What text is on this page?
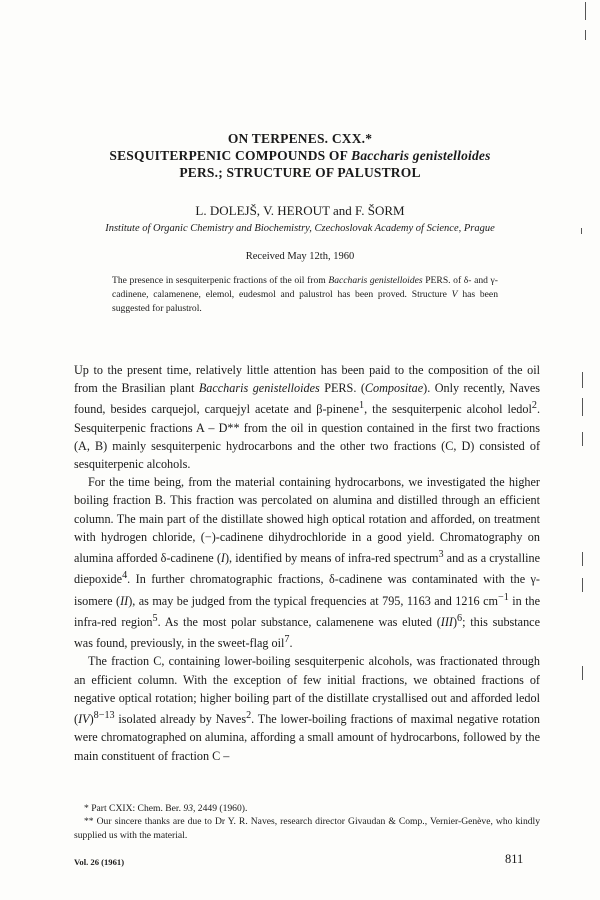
ON TERPENES. CXX.*

SESQUITERPENIC COMPOUNDS OF Baccharis genistelloides

PERS.; STRUCTURE OF PALUSTROL

L. DOLEJŠ, V. HEROUT and F. ŠORM
Institute of Organic Chemistry and Biochemistry, Czechoslovak Academy of Science, Prague
Received May 12th, 1960

The presence in sesquiterpenic fractions of the oil from Baccharis genistelloides PERS. of δ- and γ-cadinene, calamenene, elemol, eudesmol and palustrol has been proved. Structure V has been suggested for palustrol.

Up to the present time, relatively little attention has been paid to the composition of the oil from the Brasilian plant Baccharis genistelloides PERS. (Compositae). Only recently, Naves found, besides carquejol, carquejyl acetate and β-pinene$^1$, the sesquiterpenic alcohol ledol$^2$. Sesquiterpenic fractions A – D** from the oil in question contained in the first two fractions (A, B) mainly sesquiterpenic hydrocarbons and the other two fractions (C, D) consisted of sesquiterpenic alcohols.

For the time being, from the material containing hydrocarbons, we investigated the higher boiling fraction B. This fraction was percolated on alumina and distilled through an efficient column. The main part of the distillate showed high optical rotation and afforded, on treatment with hydrogen chloride, (−)-cadinene dihydrochloride in a good yield. Chromatography on alumina afforded δ-cadinene (I), identified by means of infra-red spectrum$^3$ and as a crystalline diepoxide$^4$. In further chromatographic fractions, δ-cadinene was contaminated with the γ-isomere (II), as may be judged from the typical frequencies at 795, 1163 and 1216 $cm^{-1}$ in the infra-red region$^5$. As the most polar substance, calamenene was eluted (III)$^6$; this substance was found, previously, in the sweet-flag oil$^7$.

The fraction C, containing lower-boiling sesquiterpenic alcohols, was fractionated through an efficient column. With the exception of few initial fractions, we obtained fractions of negative optical rotation; higher boiling part of the distillate crystallised out and afforded ledol (IV)$^{8-13}$ isolated already by Naves$^2$. The lower-boiling fractions of maximal negative rotation were chromatographed on alumina, affording a small amount of hydrocarbons, followed by the main constituent of fraction C –

* Part CXIX: Chem. Ber. 93, 2449 (1960).

** Our sincere thanks are due to Dr Y. R. Naves, research director Givaudan & Comp., Vernier-Genève, who kindly supplied us with the material.

Vol. 26 (1961)	811
